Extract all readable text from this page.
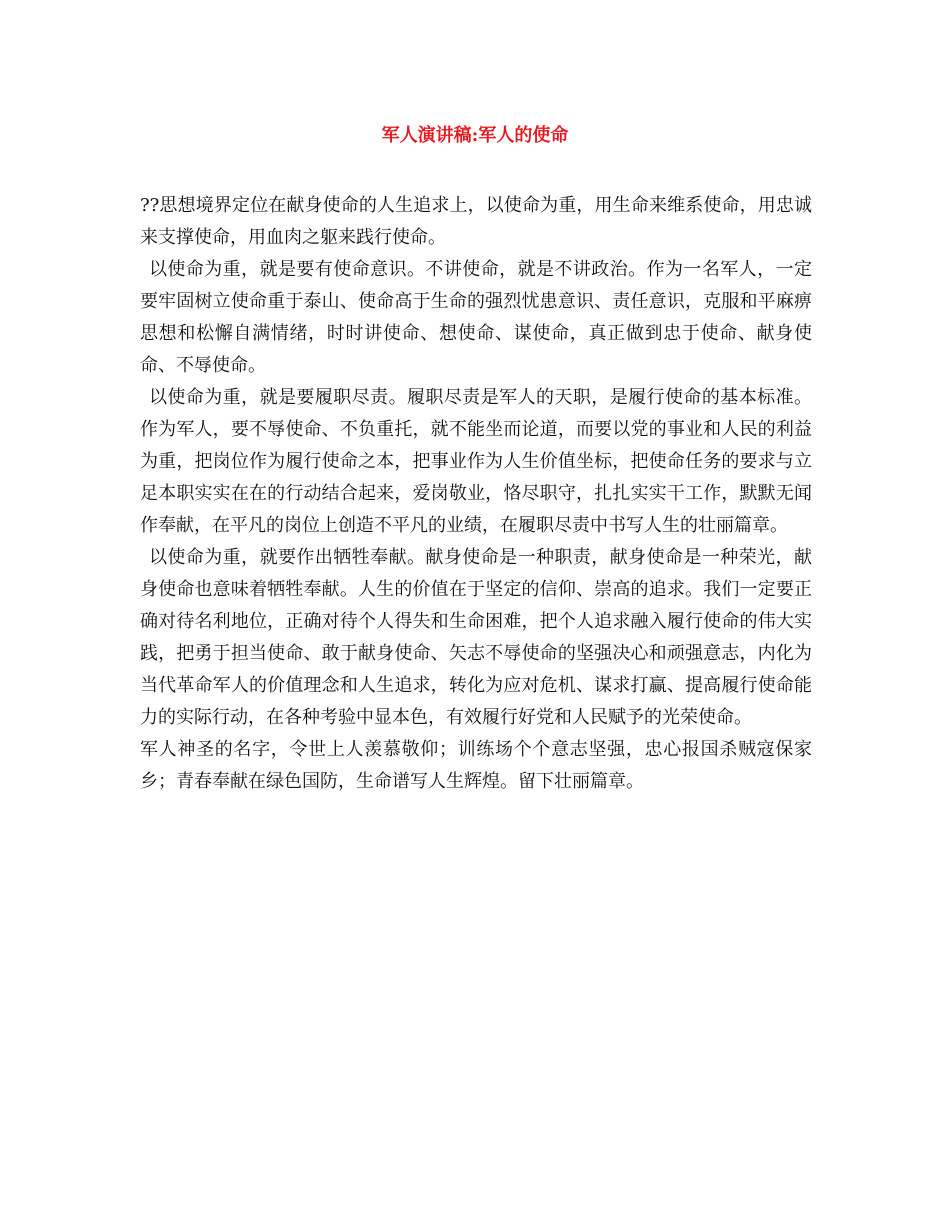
军人演讲稿:军人的使命

??思想境界定位在献身使命的人生追求上，以使命为重，用生命来维系使命，用忠诚来支撑使命，用血肉之躯来践行使命。

以使命为重，就是要有使命意识。不讲使命，就是不讲政治。作为一名军人，一定要牢固树立使命重于泰山、使命高于生命的强烈忧患意识、责任意识，克服和平麻痹思想和松懈自满情绪，时时讲使命、想使命、谋使命，真正做到忠于使命、献身使命、不辱使命。

以使命为重，就是要履职尽责。履职尽责是军人的天职，是履行使命的基本标准。作为军人，要不辱使命、不负重托，就不能坐而论道，而要以党的事业和人民的利益为重，把岗位作为履行使命之本，把事业作为人生价值坐标，把使命任务的要求与立足本职实实在在的行动结合起来，爱岗敬业，恪尽职守，扎扎实实干工作，默默无闻作奉献，在平凡的岗位上创造不平凡的业绩，在履职尽责中书写人生的壮丽篇章。

以使命为重，就要作出牺牲奉献。献身使命是一种职责，献身使命是一种荣光，献身使命也意味着牺牲奉献。人生的价值在于坚定的信仰、崇高的追求。我们一定要正确对待名利地位，正确对待个人得失和生命困难，把个人追求融入履行使命的伟大实践，把勇于担当使命、敢于献身使命、矢志不辱使命的坚强决心和顽强意志，内化为当代革命军人的价值理念和人生追求，转化为应对危机、谋求打赢、提高履行使命能力的实际行动，在各种考验中显本色，有效履行好党和人民赋予的光荣使命。

军人神圣的名字，令世上人羡慕敬仰；训练场个个意志坚强，忠心报国杀贼寇保家乡；青春奉献在绿色国防，生命谱写人生辉煌。留下壮丽篇章。
